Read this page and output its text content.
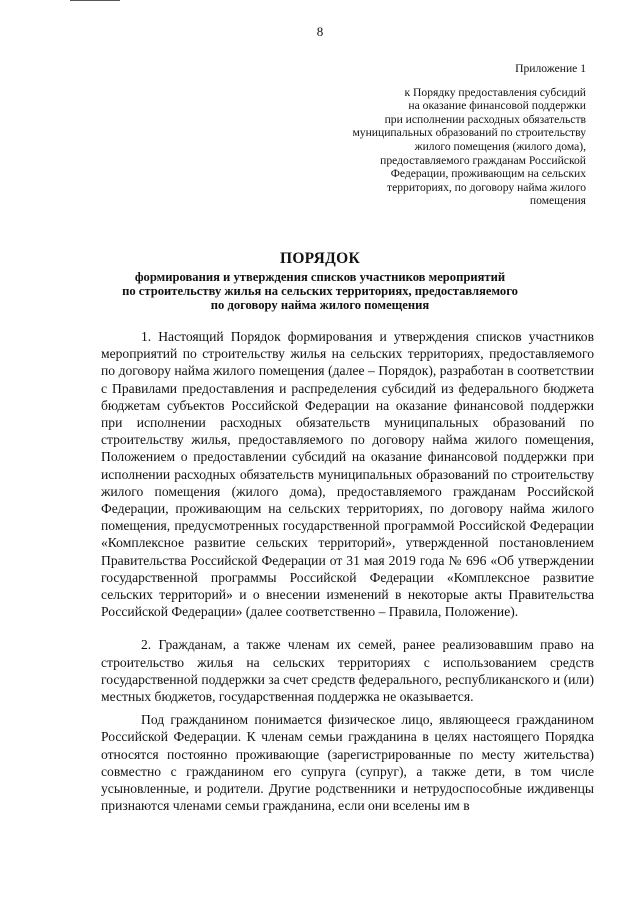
8
Приложение 1
к Порядку предоставления субсидий
на оказание финансовой поддержки
при исполнении расходных обязательств
муниципальных образований по строительству
жилого помещения (жилого дома),
предоставляемого гражданам Российской
Федерации, проживающим на сельских
территориях, по договору найма жилого
помещения
ПОРЯДОК
формирования и утверждения списков участников мероприятий
по строительству жилья на сельских территориях, предоставляемого
по договору найма жилого помещения

1. Настоящий Порядок формирования и утверждения списков участников мероприятий по строительству жилья на сельских территориях, предоставляемого по договору найма жилого помещения (далее – Порядок), разработан в соответствии с Правилами предоставления и распределения субсидий из федерального бюджета бюджетам субъектов Российской Федерации на оказание финансовой поддержки при исполнении расходных обязательств муниципальных образований по строительству жилья, предоставляемого по договору найма жилого помещения, Положением о предоставлении субсидий на оказание финансовой поддержки при исполнении расходных обязательств муниципальных образований по строительству жилого помещения (жилого дома), предоставляемого гражданам Российской Федерации, проживающим на сельских территориях, по договору найма жилого помещения, предусмотренных государственной программой Российской Федерации «Комплексное развитие сельских территорий», утвержденной постановлением Правительства Российской Федерации от 31 мая 2019 года № 696 «Об утверждении государственной программы Российской Федерации «Комплексное развитие сельских территорий» и о внесении изменений в некоторые акты Правительства Российской Федерации» (далее соответственно – Правила, Положение).

2. Гражданам, а также членам их семей, ранее реализовавшим право на строительство жилья на сельских территориях с использованием средств государственной поддержки за счет средств федерального, республиканского и (или) местных бюджетов, государственная поддержка не оказывается.

Под гражданином понимается физическое лицо, являющееся гражданином Российской Федерации. К членам семьи гражданина в целях настоящего Порядка относятся постоянно проживающие (зарегистрированные по месту жительства) совместно с гражданином его супруга (супруг), а также дети, в том числе усыновленные, и родители. Другие родственники и нетрудоспособные иждивенцы признаются членами семьи гражданина, если они вселены им в
